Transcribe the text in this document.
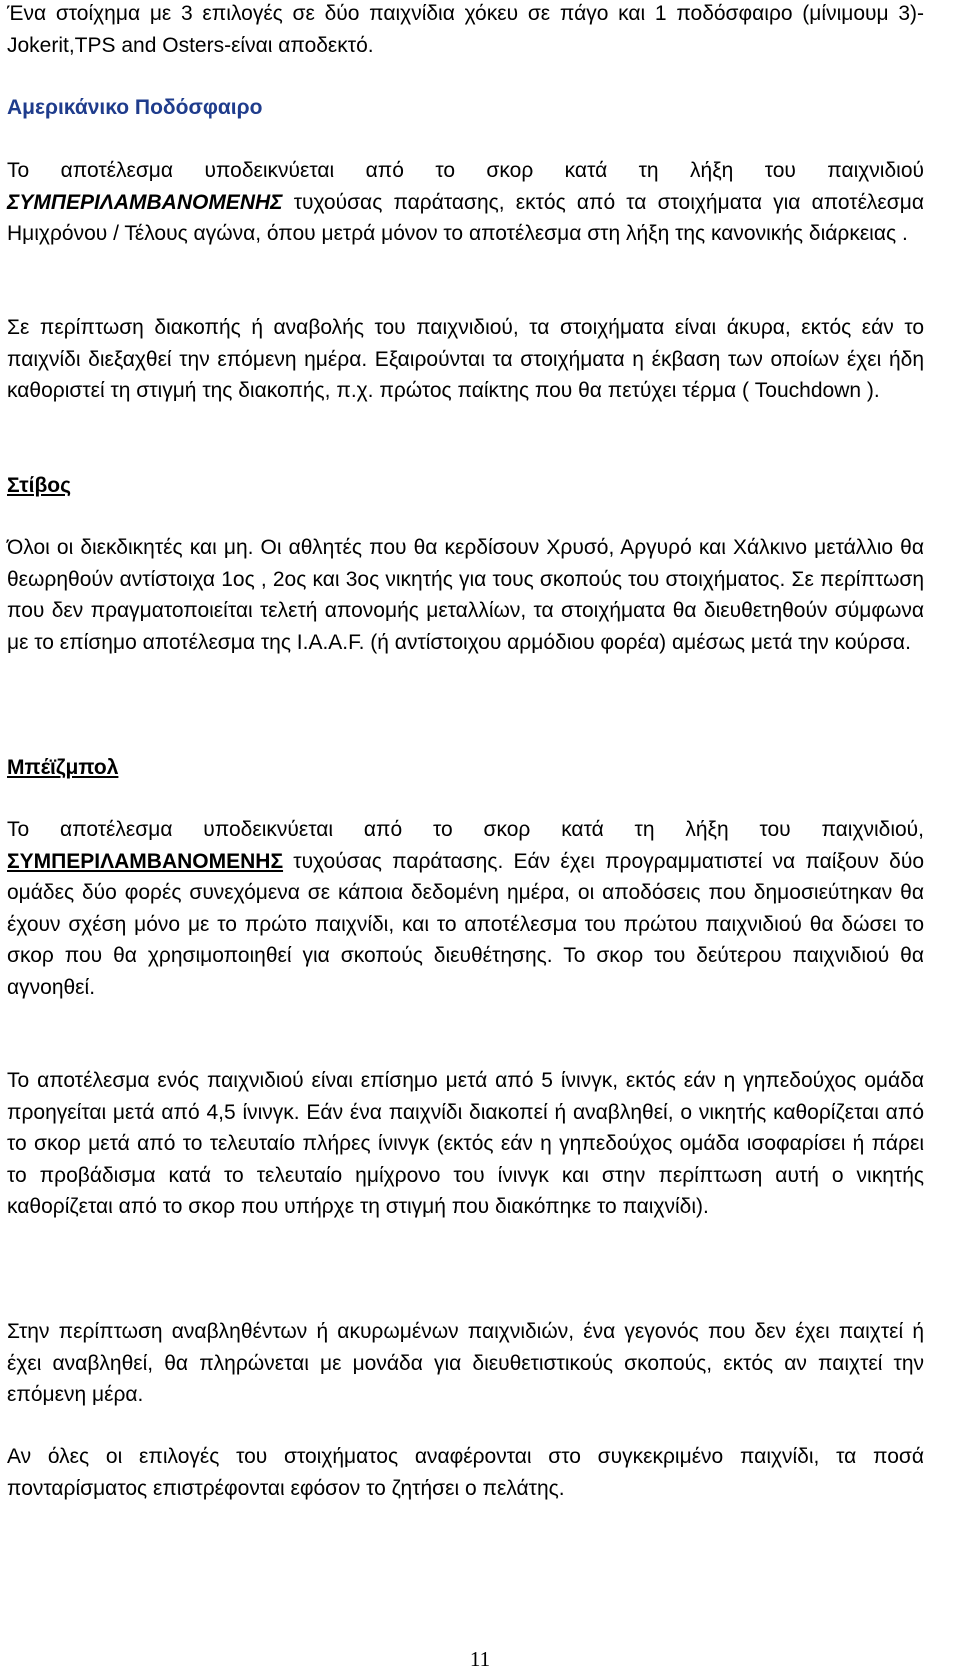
Ένα στοίχημα με 3 επιλογές σε δύο παιχνίδια χόκευ σε πάγο και 1 ποδόσφαιρο (μίνιμουμ 3)-Jokerit,TPS and Osters-είναι αποδεκτό.

Αμερικάνικο Ποδόσφαιρο

Το αποτέλεσμα υποδεικνύεται από το σκορ κατά τη λήξη του παιχνιδιού ΣΥΜΠΕΡΙΛΑΜΒΑΝΟΜΕΝΗΣ τυχούσας παράτασης, εκτός από τα στοιχήματα για αποτέλεσμα Ημιχρόνου / Τέλους αγώνα, όπου μετρά μόνον το αποτέλεσμα στη λήξη της κανονικής διάρκειας .

Σε περίπτωση διακοπής ή αναβολής του παιχνιδιού, τα στοιχήματα είναι άκυρα, εκτός εάν το παιχνίδι διεξαχθεί την επόμενη ημέρα. Εξαιρούνται τα στοιχήματα η έκβαση των οποίων έχει ήδη καθοριστεί τη στιγμή της διακοπής, π.χ. πρώτος παίκτης που θα πετύχει τέρμα ( Touchdown ).

Στίβος

Όλοι οι διεκδικητές και μη. Οι αθλητές που θα κερδίσουν Χρυσό, Αργυρό και Χάλκινο μετάλλιο θα θεωρηθούν αντίστοιχα 1ος , 2ος και 3ος νικητής για τους σκοπούς του στοιχήματος. Σε περίπτωση που δεν πραγματοποιείται τελετή απονομής μεταλλίων, τα στοιχήματα θα διευθετηθούν σύμφωνα με το επίσημο αποτέλεσμα της I.A.A.F. (ή αντίστοιχου αρμόδιου φορέα) αμέσως μετά την κούρσα.

Μπέϊζμπολ

Το αποτέλεσμα υποδεικνύεται από το σκορ κατά τη λήξη του παιχνιδιού, ΣΥΜΠΕΡΙΛΑΜΒΑΝΟΜΕΝΗΣ τυχούσας παράτασης. Εάν έχει προγραμματιστεί να παίξουν δύο ομάδες δύο φορές συνεχόμενα σε κάποια δεδομένη ημέρα, οι αποδόσεις που δημοσιεύτηκαν θα έχουν σχέση μόνο με το πρώτο παιχνίδι, και το αποτέλεσμα του πρώτου παιχνιδιού θα δώσει το σκορ που θα χρησιμοποιηθεί για σκοπούς διευθέτησης. Το σκορ του δεύτερου παιχνιδιού θα αγνοηθεί.

Το αποτέλεσμα ενός παιχνιδιού είναι επίσημο μετά από 5 ίνινγκ, εκτός εάν η γηπεδούχος ομάδα προηγείται μετά από 4,5 ίνινγκ. Εάν ένα παιχνίδι διακοπεί ή αναβληθεί, ο νικητής καθορίζεται από το σκορ μετά από το τελευταίο πλήρες ίνινγκ (εκτός εάν η γηπεδούχος ομάδα ισοφαρίσει ή πάρει το προβάδισμα κατά το τελευταίο ημίχρονο του ίνινγκ και στην περίπτωση αυτή ο νικητής καθορίζεται από το σκορ που υπήρχε τη στιγμή που διακόπηκε το παιχνίδι).

Στην περίπτωση αναβληθέντων ή ακυρωμένων παιχνιδιών, ένα γεγονός που δεν έχει παιχτεί ή έχει αναβληθεί, θα πληρώνεται με μονάδα για διευθετιστικούς σκοπούς, εκτός αν παιχτεί την επόμενη μέρα.

Αν όλες οι επιλογές του στοιχήματος αναφέρονται στο συγκεκριμένο παιχνίδι, τα ποσά πονταρίσματος επιστρέφονται εφόσον το ζητήσει ο πελάτης.

11
